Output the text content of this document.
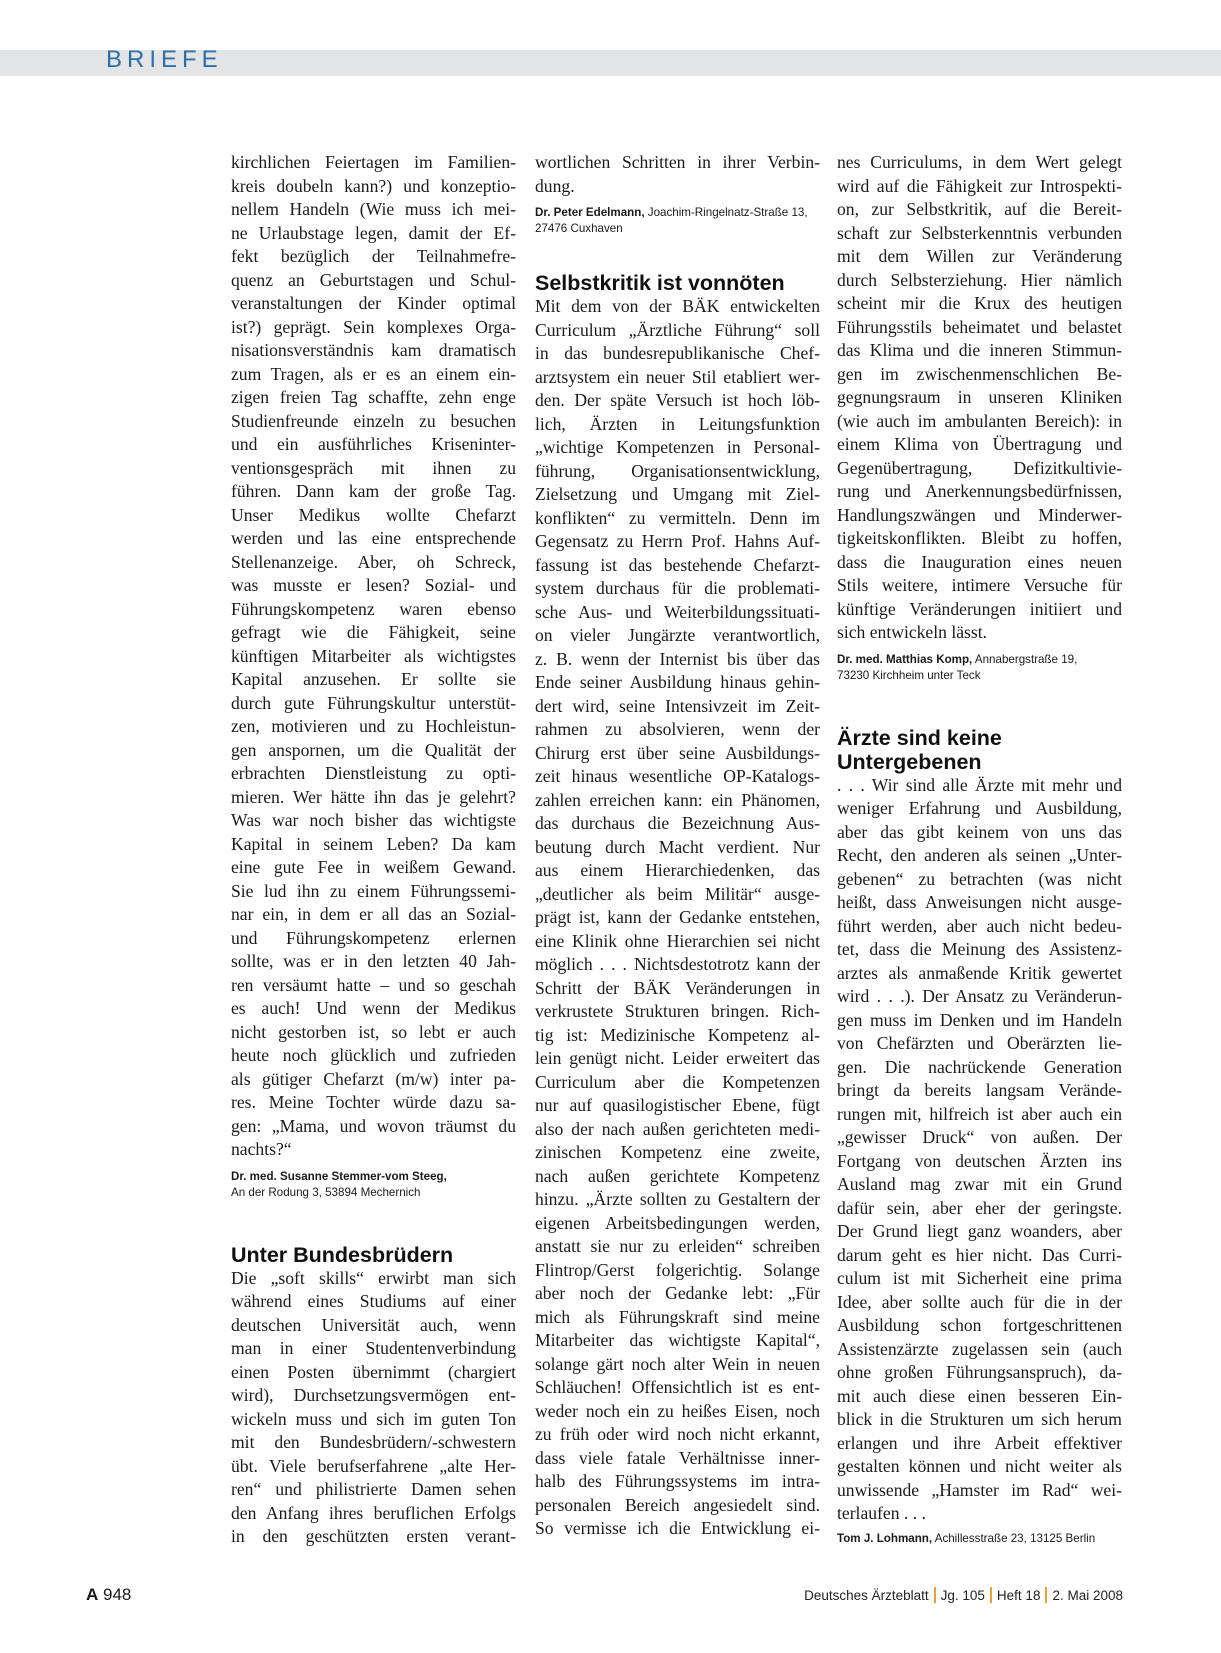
BRIEFE
kirchlichen Feiertagen im Familien-
kreis doubeln kann?) und konzeptio-
nellem Handeln (Wie muss ich mei-
ne Urlaubstage legen, damit der Ef-
fekt bezüglich der Teilnahmefre-
quenz an Geburtstagen und Schul-
veranstaltungen der Kinder optimal
ist?) geprägt. Sein komplexes Orga-
nisationsverständnis kam dramatisch
zum Tragen, als er es an einem ein-
zigen freien Tag schaffte, zehn enge
Studienfreunde einzeln zu besuchen
und ein ausführliches Kriseninter-
ventionsgespräch mit ihnen zu
führen. Dann kam der große Tag.
Unser Medikus wollte Chefarzt
werden und las eine entsprechende
Stellenanzeige. Aber, oh Schreck,
was musste er lesen? Sozial- und
Führungskompetenz waren ebenso
gefragt wie die Fähigkeit, seine
künftigen Mitarbeiter als wichtigstes
Kapital anzusehen. Er sollte sie
durch gute Führungskultur unterstüt-
zen, motivieren und zu Hochleistun-
gen anspornen, um die Qualität der
erbrachten Dienstleistung zu opti-
mieren. Wer hätte ihn das je gelehrt?
Was war noch bisher das wichtigste
Kapital in seinem Leben? Da kam
eine gute Fee in weißem Gewand.
Sie lud ihn zu einem Führungssemi-
nar ein, in dem er all das an Sozial-
und Führungskompetenz erlernen
sollte, was er in den letzten 40 Jah-
ren versäumt hatte – und so geschah
es auch! Und wenn der Medikus
nicht gestorben ist, so lebt er auch
heute noch glücklich und zufrieden
als gütiger Chefarzt (m/w) inter pa-
res. Meine Tochter würde dazu sa-
gen: „Mama, und wovon träumst du
nachts?“
Dr. med. Susanne Stemmer-vom Steeg,
An der Rodung 3, 53894 Mechernich
Unter Bundesbrüdern
Die „soft skills“ erwirbt man sich
während eines Studiums auf einer
deutschen Universität auch, wenn
man in einer Studentenverbindung
einen Posten übernimmt (chargiert
wird), Durchsetzungsvermögen ent-
wickeln muss und sich im guten Ton
mit den Bundesbrüdern/-schwestern
übt. Viele berufserfahrene „alte Her-
ren“ und philistrierte Damen sehen
den Anfang ihres beruflichen Erfolgs
in den geschützten ersten verant-
wortlichen Schritten in ihrer Verbin-
dung.
Dr. Peter Edelmann, Joachim-Ringelnatz-Straße 13,
27476 Cuxhaven
Selbstkritik ist vonnöten
Mit dem von der BÄK entwickelten
Curriculum „Ärztliche Führung“ soll
in das bundesrepublikanische Chef-
arztsystem ein neuer Stil etabliert wer-
den. Der späte Versuch ist hoch löb-
lich, Ärzten in Leitungsfunktion
„wichtige Kompetenzen in Personal-
führung, Organisationsentwicklung,
Zielsetzung und Umgang mit Ziel-
konflikten“ zu vermitteln. Denn im
Gegensatz zu Herrn Prof. Hahns Auf-
fassung ist das bestehende Chefarzt-
system durchaus für die problemati-
sche Aus- und Weiterbildungssituati-
on vieler Jungärzte verantwortlich,
z. B. wenn der Internist bis über das
Ende seiner Ausbildung hinaus gehin-
dert wird, seine Intensivzeit im Zeit-
rahmen zu absolvieren, wenn der
Chirurg erst über seine Ausbildungs-
zeit hinaus wesentliche OP-Katalogs-
zahlen erreichen kann: ein Phänomen,
das durchaus die Bezeichnung Aus-
beutung durch Macht verdient. Nur
aus einem Hierarchiedenken, das
„deutlicher als beim Militär“ ausge-
prägt ist, kann der Gedanke entstehen,
eine Klinik ohne Hierarchien sei nicht
möglich . . . Nichtsdestotrotz kann der
Schritt der BÄK Veränderungen in
verkrustete Strukturen bringen. Rich-
tig ist: Medizinische Kompetenz al-
lein genügt nicht. Leider erweitert das
Curriculum aber die Kompetenzen
nur auf quasilogistischer Ebene, fügt
also der nach außen gerichteten medi-
zinischen Kompetenz eine zweite,
nach außen gerichtete Kompetenz
hinzu. „Ärzte sollten zu Gestaltern der
eigenen Arbeitsbedingungen werden,
anstatt sie nur zu erleiden“ schreiben
Flintrop/Gerst folgerichtig. Solange
aber noch der Gedanke lebt: „Für
mich als Führungskraft sind meine
Mitarbeiter das wichtigste Kapital“,
solange gärt noch alter Wein in neuen
Schläuchen! Offensichtlich ist es ent-
weder noch ein zu heißes Eisen, noch
zu früh oder wird noch nicht erkannt,
dass viele fatale Verhältnisse inner-
halb des Führungssystems im intra-
personalen Bereich angesiedelt sind.
So vermisse ich die Entwicklung ei-
nes Curriculums, in dem Wert gelegt
wird auf die Fähigkeit zur Introspekti-
on, zur Selbstkritik, auf die Bereit-
schaft zur Selbsterkenntnis verbunden
mit dem Willen zur Veränderung
durch Selbsterziehung. Hier nämlich
scheint mir die Krux des heutigen
Führungsstils beheimatet und belastet
das Klima und die inneren Stimmun-
gen im zwischenmenschlichen Be-
gegnungsraum in unseren Kliniken
(wie auch im ambulanten Bereich): in
einem Klima von Übertragung und
Gegenübertragung, Defizitkultivie-
rung und Anerkennungsbedürfnissen,
Handlungszwängen und Minderwer-
tigkeitskonflikten. Bleibt zu hoffen,
dass die Inauguration eines neuen
Stils weitere, intimere Versuche für
künftige Veränderungen initiiert und
sich entwickeln lässt.
Dr. med. Matthias Komp, Annabergstraße 19,
73230 Kirchheim unter Teck
Ärzte sind keine
Untergebenen
. . . Wir sind alle Ärzte mit mehr und
weniger Erfahrung und Ausbildung,
aber das gibt keinem von uns das
Recht, den anderen als seinen „Unter-
gebenen“ zu betrachten (was nicht
heißt, dass Anweisungen nicht ausge-
führt werden, aber auch nicht bedeu-
tet, dass die Meinung des Assistenz-
arztes als anmaßende Kritik gewertet
wird . . .). Der Ansatz zu Veränderun-
gen muss im Denken und im Handeln
von Chefärzten und Oberärzten lie-
gen. Die nachrückende Generation
bringt da bereits langsam Verände-
rungen mit, hilfreich ist aber auch ein
„gewisser Druck“ von außen. Der
Fortgang von deutschen Ärzten ins
Ausland mag zwar mit ein Grund
dafür sein, aber eher der geringste.
Der Grund liegt ganz woanders, aber
darum geht es hier nicht. Das Curri-
culum ist mit Sicherheit eine prima
Idee, aber sollte auch für die in der
Ausbildung schon fortgeschrittenen
Assistenzärzte zugelassen sein (auch
ohne großen Führungsanspruch), da-
mit auch diese einen besseren Ein-
blick in die Strukturen um sich herum
erlangen und ihre Arbeit effektiver
gestalten können und nicht weiter als
unwissende „Hamster im Rad“ wei-
terlaufen . . .
Tom J. Lohmann, Achillesstraße 23, 13125 Berlin
A 948	Deutsches Ärzteblatt Jg. 105 Heft 18 2. Mai 2008
